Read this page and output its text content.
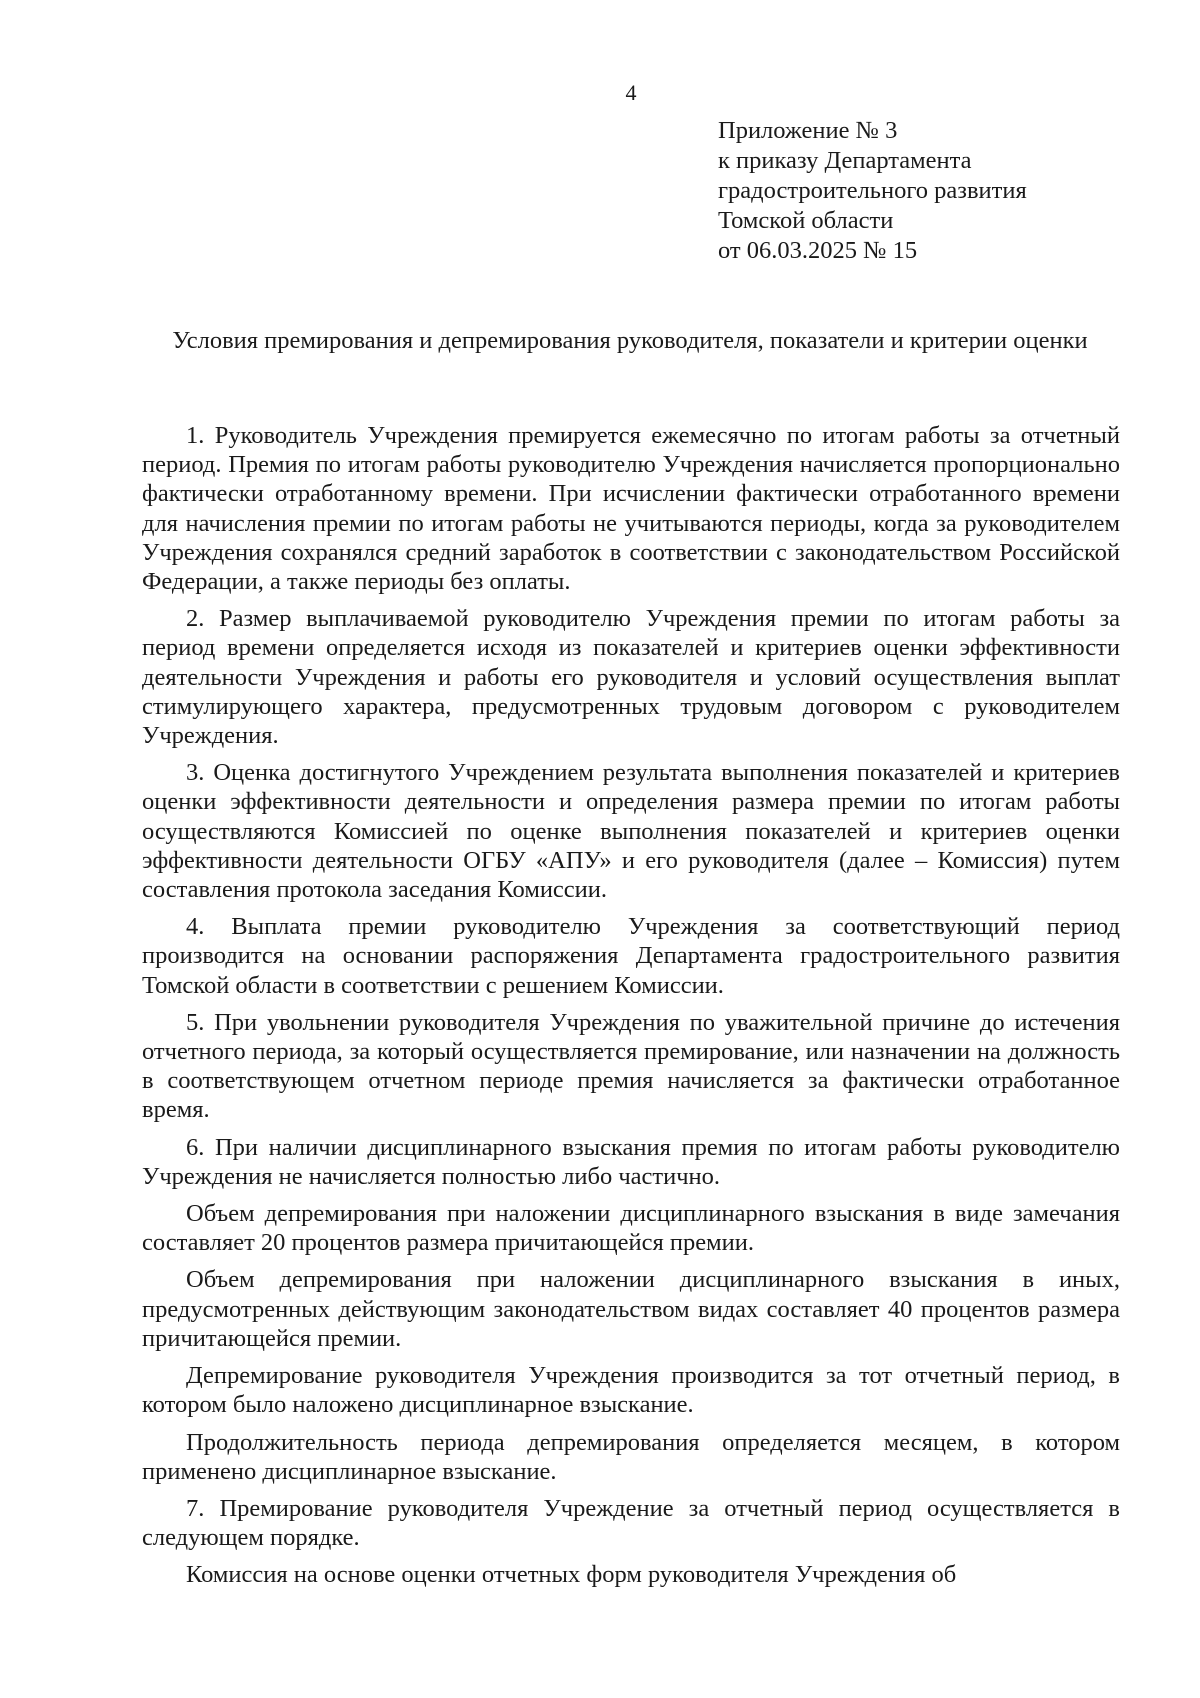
4
Приложение № 3
к приказу Департамента
градостроительного развития
Томской области
от 06.03.2025 № 15
Условия премирования и депремирования руководителя, показатели и критерии оценки

1. Руководитель Учреждения премируется ежемесячно по итогам работы за отчетный период. Премия по итогам работы руководителю Учреждения начисляется пропорционально фактически отработанному времени. При исчислении фактически отработанного времени для начисления премии по итогам работы не учитываются периоды, когда за руководителем Учреждения сохранялся средний заработок в соответствии с законодательством Российской Федерации, а также периоды без оплаты.

2. Размер выплачиваемой руководителю Учреждения премии по итогам работы за период времени определяется исходя из показателей и критериев оценки эффективности деятельности Учреждения и работы его руководителя и условий осуществления выплат стимулирующего характера, предусмотренных трудовым договором с руководителем Учреждения.

3. Оценка достигнутого Учреждением результата выполнения показателей и критериев оценки эффективности деятельности и определения размера премии по итогам работы осуществляются Комиссией по оценке выполнения показателей и критериев оценки эффективности деятельности ОГБУ «АПУ» и его руководителя (далее – Комиссия) путем составления протокола заседания Комиссии.

4. Выплата премии руководителю Учреждения за соответствующий период производится на основании распоряжения Департамента градостроительного развития Томской области в соответствии с решением Комиссии.

5. При увольнении руководителя Учреждения по уважительной причине до истечения отчетного периода, за который осуществляется премирование, или назначении на должность в соответствующем отчетном периоде премия начисляется за фактически отработанное время.

6. При наличии дисциплинарного взыскания премия по итогам работы руководителю Учреждения не начисляется полностью либо частично.

Объем депремирования при наложении дисциплинарного взыскания в виде замечания составляет 20 процентов размера причитающейся премии.

Объем депремирования при наложении дисциплинарного взыскания в иных, предусмотренных действующим законодательством видах составляет 40 процентов размера причитающейся премии.

Депремирование руководителя Учреждения производится за тот отчетный период, в котором было наложено дисциплинарное взыскание.

Продолжительность периода депремирования определяется месяцем, в котором применено дисциплинарное взыскание.

7. Премирование руководителя Учреждение за отчетный период осуществляется в следующем порядке.

Комиссия на основе оценки отчетных форм руководителя Учреждения об
